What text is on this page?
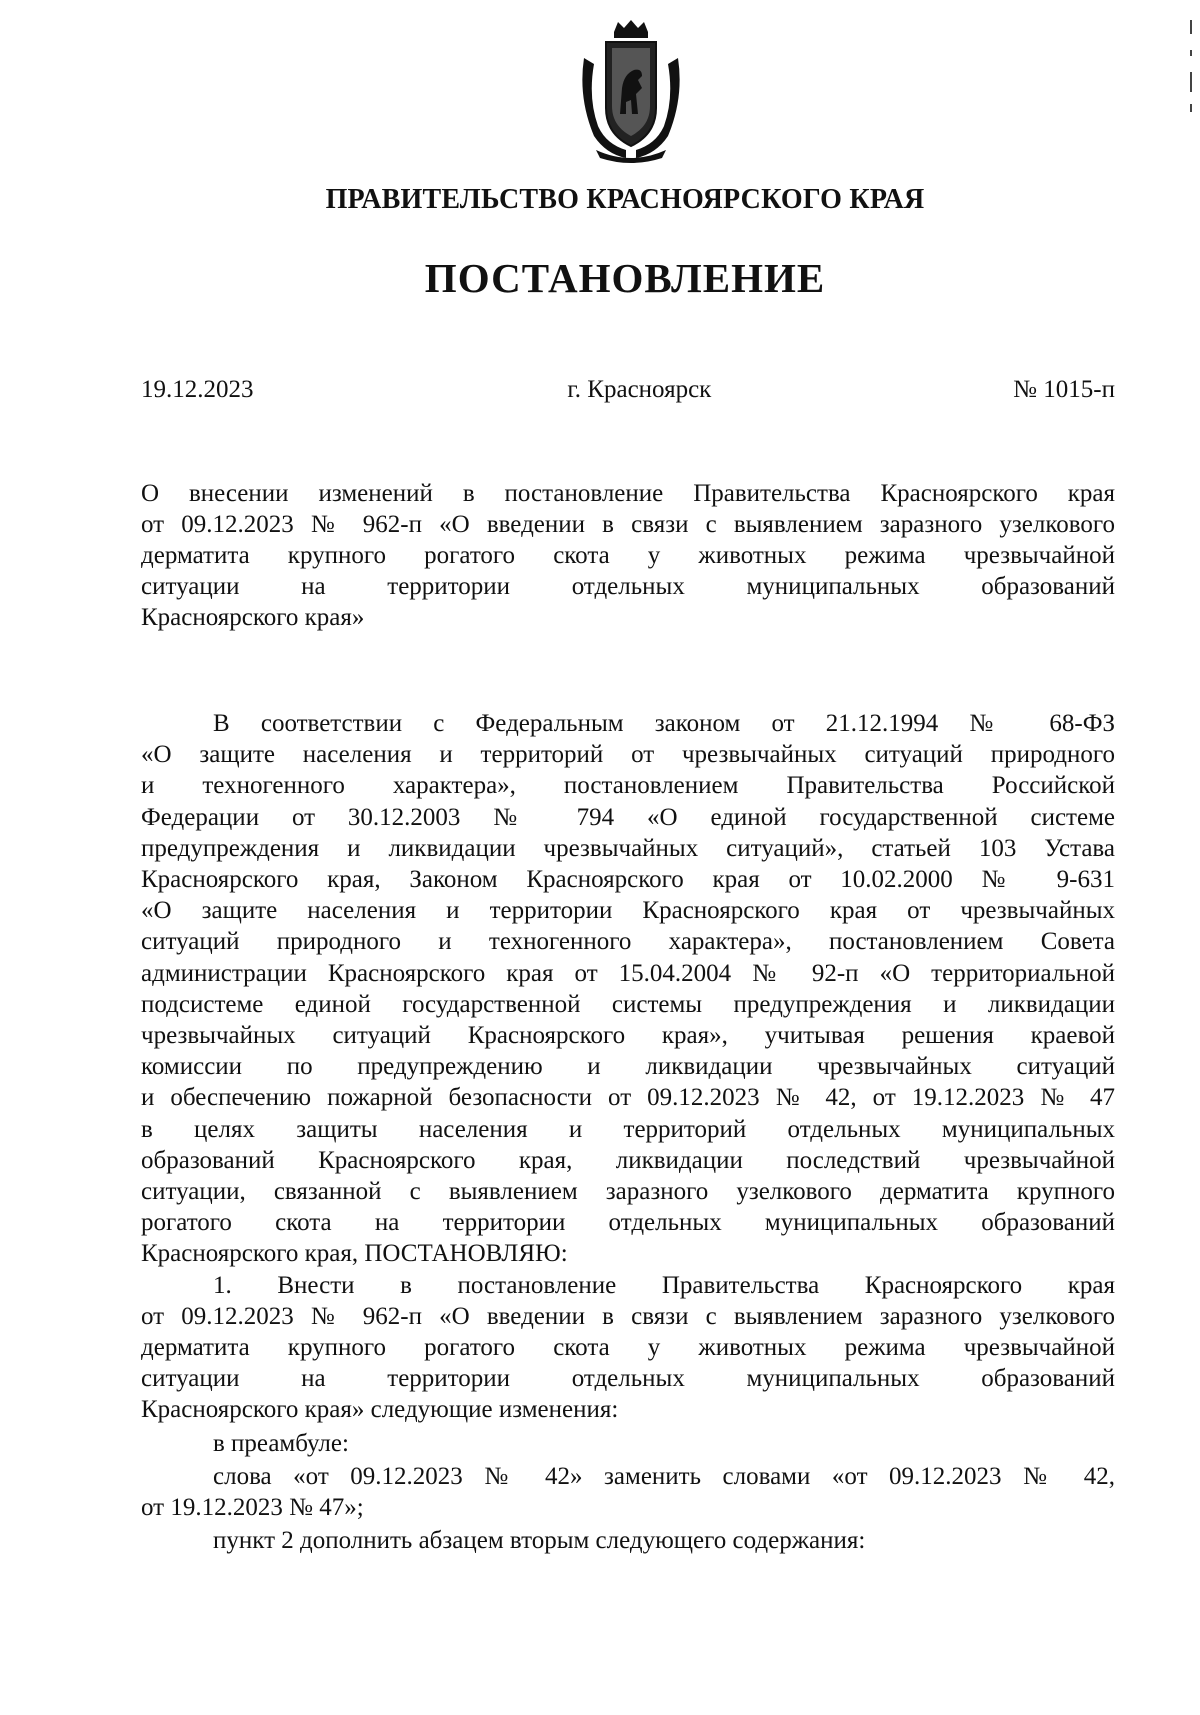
ПРАВИТЕЛЬСТВО КРАСНОЯРСКОГО КРАЯ
ПОСТАНОВЛЕНИЕ
19.12.2023	г. Красноярск	№ 1015-п
О внесении изменений в постановление Правительства Красноярского края
от 09.12.2023 № 962-п «О введении в связи с выявлением заразного узелкового
дерматита крупного рогатого скота у животных режима чрезвычайной
ситуации на территории отдельных муниципальных образований
Красноярского края»
В соответствии с Федеральным законом от 21.12.1994 № 68-ФЗ
«О защите населения и территорий от чрезвычайных ситуаций природного
и техногенного характера», постановлением Правительства Российской
Федерации от 30.12.2003 № 794 «О единой государственной системе
предупреждения и ликвидации чрезвычайных ситуаций», статьей 103 Устава
Красноярского края, Законом Красноярского края от 10.02.2000 № 9-631
«О защите населения и территории Красноярского края от чрезвычайных
ситуаций природного и техногенного характера», постановлением Совета
администрации Красноярского края от 15.04.2004 № 92-п «О территориальной
подсистеме единой государственной системы предупреждения и ликвидации
чрезвычайных ситуаций Красноярского края», учитывая решения краевой
комиссии по предупреждению и ликвидации чрезвычайных ситуаций
и обеспечению пожарной безопасности от 09.12.2023 № 42, от 19.12.2023 № 47
в целях защиты населения и территорий отдельных муниципальных
образований Красноярского края, ликвидации последствий чрезвычайной
ситуации, связанной с выявлением заразного узелкового дерматита крупного
рогатого скота на территории отдельных муниципальных образований
Красноярского края, ПОСТАНОВЛЯЮ:
1. Внести в постановление Правительства Красноярского края
от 09.12.2023 № 962-п «О введении в связи с выявлением заразного узелкового
дерматита крупного рогатого скота у животных режима чрезвычайной
ситуации на территории отдельных муниципальных образований
Красноярского края» следующие изменения:
в преамбуле:
слова «от 09.12.2023 № 42» заменить словами «от 09.12.2023 № 42,
от 19.12.2023 № 47»;
пункт 2 дополнить абзацем вторым следующего содержания:
